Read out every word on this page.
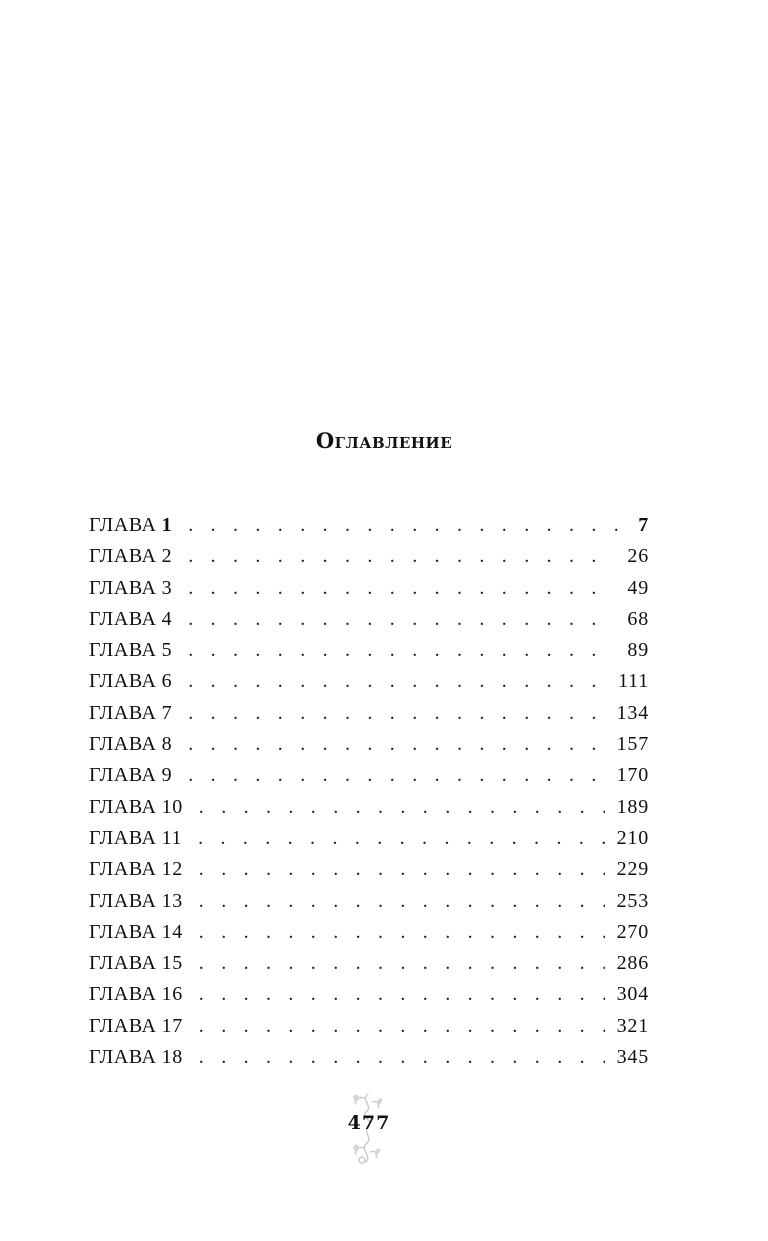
Оглавление
ГЛАВА 1 . . .	7
ГЛАВА 2 . . .	26
ГЛАВА 3 . . .	49
ГЛАВА 4 . . .	68
ГЛАВА 5 . . .	89
ГЛАВА 6 . . .	111
ГЛАВА 7 . . .	134
ГЛАВА 8 . . .	157
ГЛАВА 9 . . .	170
ГЛАВА 10 . . .	189
ГЛАВА 11 . . .	210
ГЛАВА 12 . . .	229
ГЛАВА 13 . . .	253
ГЛАВА 14 . . .	270
ГЛАВА 15 . . .	286
ГЛАВА 16 . . .	304
ГЛАВА 17 . . .	321
ГЛАВА 18 . . .	345
477
